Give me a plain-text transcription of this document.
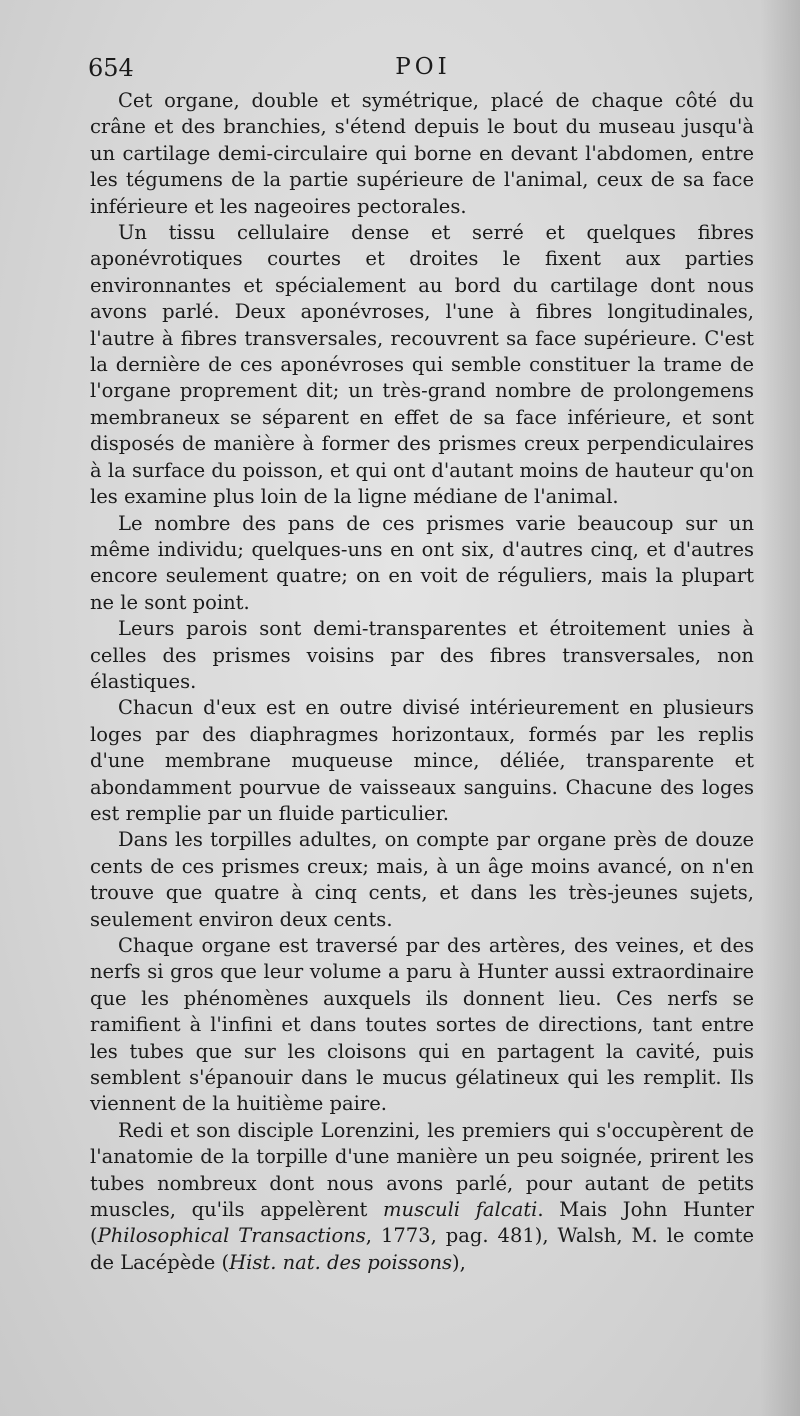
654	POI

Cet organe, double et symétrique, placé de chaque côté du crâne et des branchies, s'étend depuis le bout du museau jusqu'à un cartilage demi-circulaire qui borne en devant l'abdomen, entre les tégumens de la partie supérieure de l'animal, ceux de sa face inférieure et les nageoires pectorales.

Un tissu cellulaire dense et serré et quelques fibres aponévrotiques courtes et droites le fixent aux parties environnantes et spécialement au bord du cartilage dont nous avons parlé. Deux aponévroses, l'une à fibres longitudinales, l'autre à fibres transversales, recouvrent sa face supérieure. C'est la dernière de ces aponévroses qui semble constituer la trame de l'organe proprement dit; un très-grand nombre de prolongemens membraneux se séparent en effet de sa face inférieure, et sont disposés de manière à former des prismes creux perpendiculaires à la surface du poisson, et qui ont d'autant moins de hauteur qu'on les examine plus loin de la ligne médiane de l'animal.

Le nombre des pans de ces prismes varie beaucoup sur un même individu; quelques-uns en ont six, d'autres cinq, et d'autres encore seulement quatre; on en voit de réguliers, mais la plupart ne le sont point.

Leurs parois sont demi-transparentes et étroitement unies à celles des prismes voisins par des fibres transversales, non élastiques.

Chacun d'eux est en outre divisé intérieurement en plusieurs loges par des diaphragmes horizontaux, formés par les replis d'une membrane muqueuse mince, déliée, transparente et abondamment pourvue de vaisseaux sanguins. Chacune des loges est remplie par un fluide particulier.

Dans les torpilles adultes, on compte par organe près de douze cents de ces prismes creux; mais, à un âge moins avancé, on n'en trouve que quatre à cinq cents, et dans les très-jeunes sujets, seulement environ deux cents.

Chaque organe est traversé par des artères, des veines, et des nerfs si gros que leur volume a paru à Hunter aussi extraordinaire que les phénomènes auxquels ils donnent lieu. Ces nerfs se ramifient à l'infini et dans toutes sortes de directions, tant entre les tubes que sur les cloisons qui en partagent la cavité, puis semblent s'épanouir dans le mucus gélatineux qui les remplit. Ils viennent de la huitième paire.

Redi et son disciple Lorenzini, les premiers qui s'occupèrent de l'anatomie de la torpille d'une manière un peu soignée, prirent les tubes nombreux dont nous avons parlé, pour autant de petits muscles, qu'ils appelèrent musculi falcati. Mais John Hunter (Philosophical Transactions, 1773, pag. 481), Walsh, M. le comte de Lacépède (Hist. nat. des poissons),
